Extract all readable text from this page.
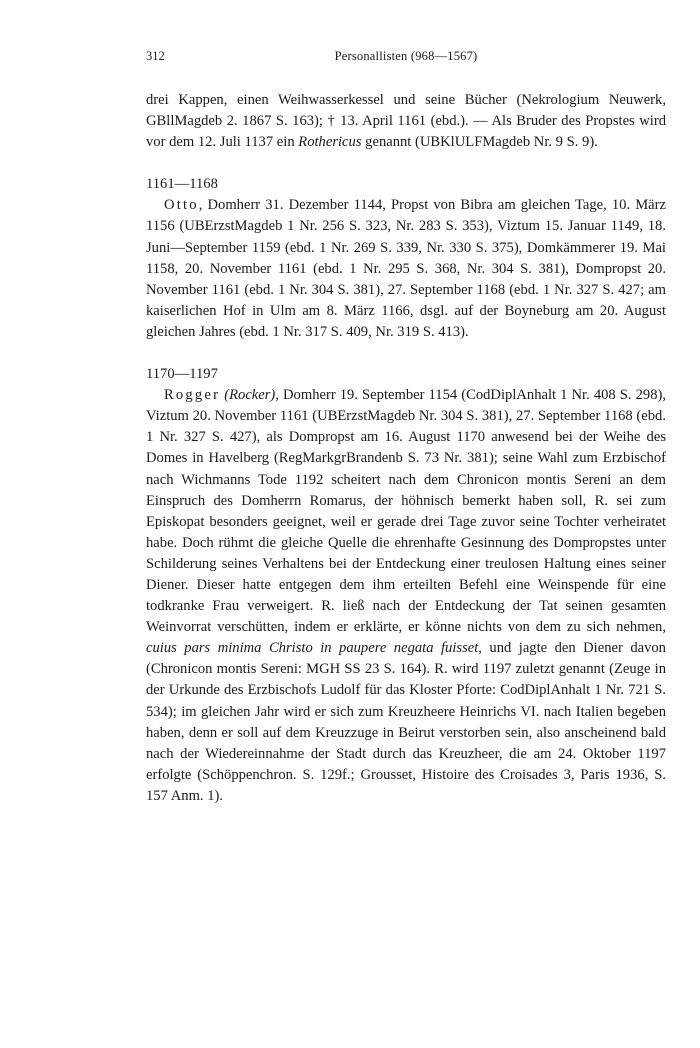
312	Personallisten (968—1567)

drei Kappen, einen Weihwasserkessel und seine Bücher (Nekrologium Neuwerk, GBllMagdeb 2. 1867 S. 163); † 13. April 1161 (ebd.). — Als Bruder des Propstes wird vor dem 12. Juli 1137 ein Rothericus genannt (UBKlULFMagdeb Nr. 9 S. 9).

1161—1168

Otto, Domherr 31. Dezember 1144, Propst von Bibra am gleichen Tage, 10. März 1156 (UBErzstMagdeb 1 Nr. 256 S. 323, Nr. 283 S. 353), Viztum 15. Januar 1149, 18. Juni—September 1159 (ebd. 1 Nr. 269 S. 339, Nr. 330 S. 375), Domkämmerer 19. Mai 1158, 20. November 1161 (ebd. 1 Nr. 295 S. 368, Nr. 304 S. 381), Dompropst 20. November 1161 (ebd. 1 Nr. 304 S. 381), 27. September 1168 (ebd. 1 Nr. 327 S. 427; am kaiserlichen Hof in Ulm am 8. März 1166, dsgl. auf der Boyneburg am 20. August gleichen Jahres (ebd. 1 Nr. 317 S. 409, Nr. 319 S. 413).

1170—1197

Rogger (Rocker), Domherr 19. September 1154 (CodDiplAnhalt 1 Nr. 408 S. 298), Viztum 20. November 1161 (UBErzstMagdeb Nr. 304 S. 381), 27. September 1168 (ebd. 1 Nr. 327 S. 427), als Dompropst am 16. August 1170 anwesend bei der Weihe des Domes in Havelberg (RegMarkgrBrandenb S. 73 Nr. 381); seine Wahl zum Erzbischof nach Wichmanns Tode 1192 scheitert nach dem Chronicon montis Sereni an dem Einspruch des Domherrn Romarus, der höhnisch bemerkt haben soll, R. sei zum Episkopat besonders geeignet, weil er gerade drei Tage zuvor seine Tochter verheiratet habe. Doch rühmt die gleiche Quelle die ehrenhafte Gesinnung des Dompropstes unter Schilderung seines Verhaltens bei der Entdeckung einer treulosen Haltung eines seiner Diener. Dieser hatte entgegen dem ihm erteilten Befehl eine Weinspende für eine todkranke Frau verweigert. R. ließ nach der Entdeckung der Tat seinen gesamten Weinvorrat verschütten, indem er erklärte, er könne nichts von dem zu sich nehmen, cuius pars minima Christo in paupere negata fuisset, und jagte den Diener davon (Chronicon montis Sereni: MGH SS 23 S. 164). R. wird 1197 zuletzt genannt (Zeuge in der Urkunde des Erzbischofs Ludolf für das Kloster Pforte: CodDiplAnhalt 1 Nr. 721 S. 534); im gleichen Jahr wird er sich zum Kreuzheere Heinrichs VI. nach Italien begeben haben, denn er soll auf dem Kreuzzuge in Beirut verstorben sein, also anscheinend bald nach der Wiedereinnahme der Stadt durch das Kreuzheer, die am 24. Oktober 1197 erfolgte (Schöppenchron. S. 129f.; Grousset, Histoire des Croisades 3, Paris 1936, S. 157 Anm. 1).
